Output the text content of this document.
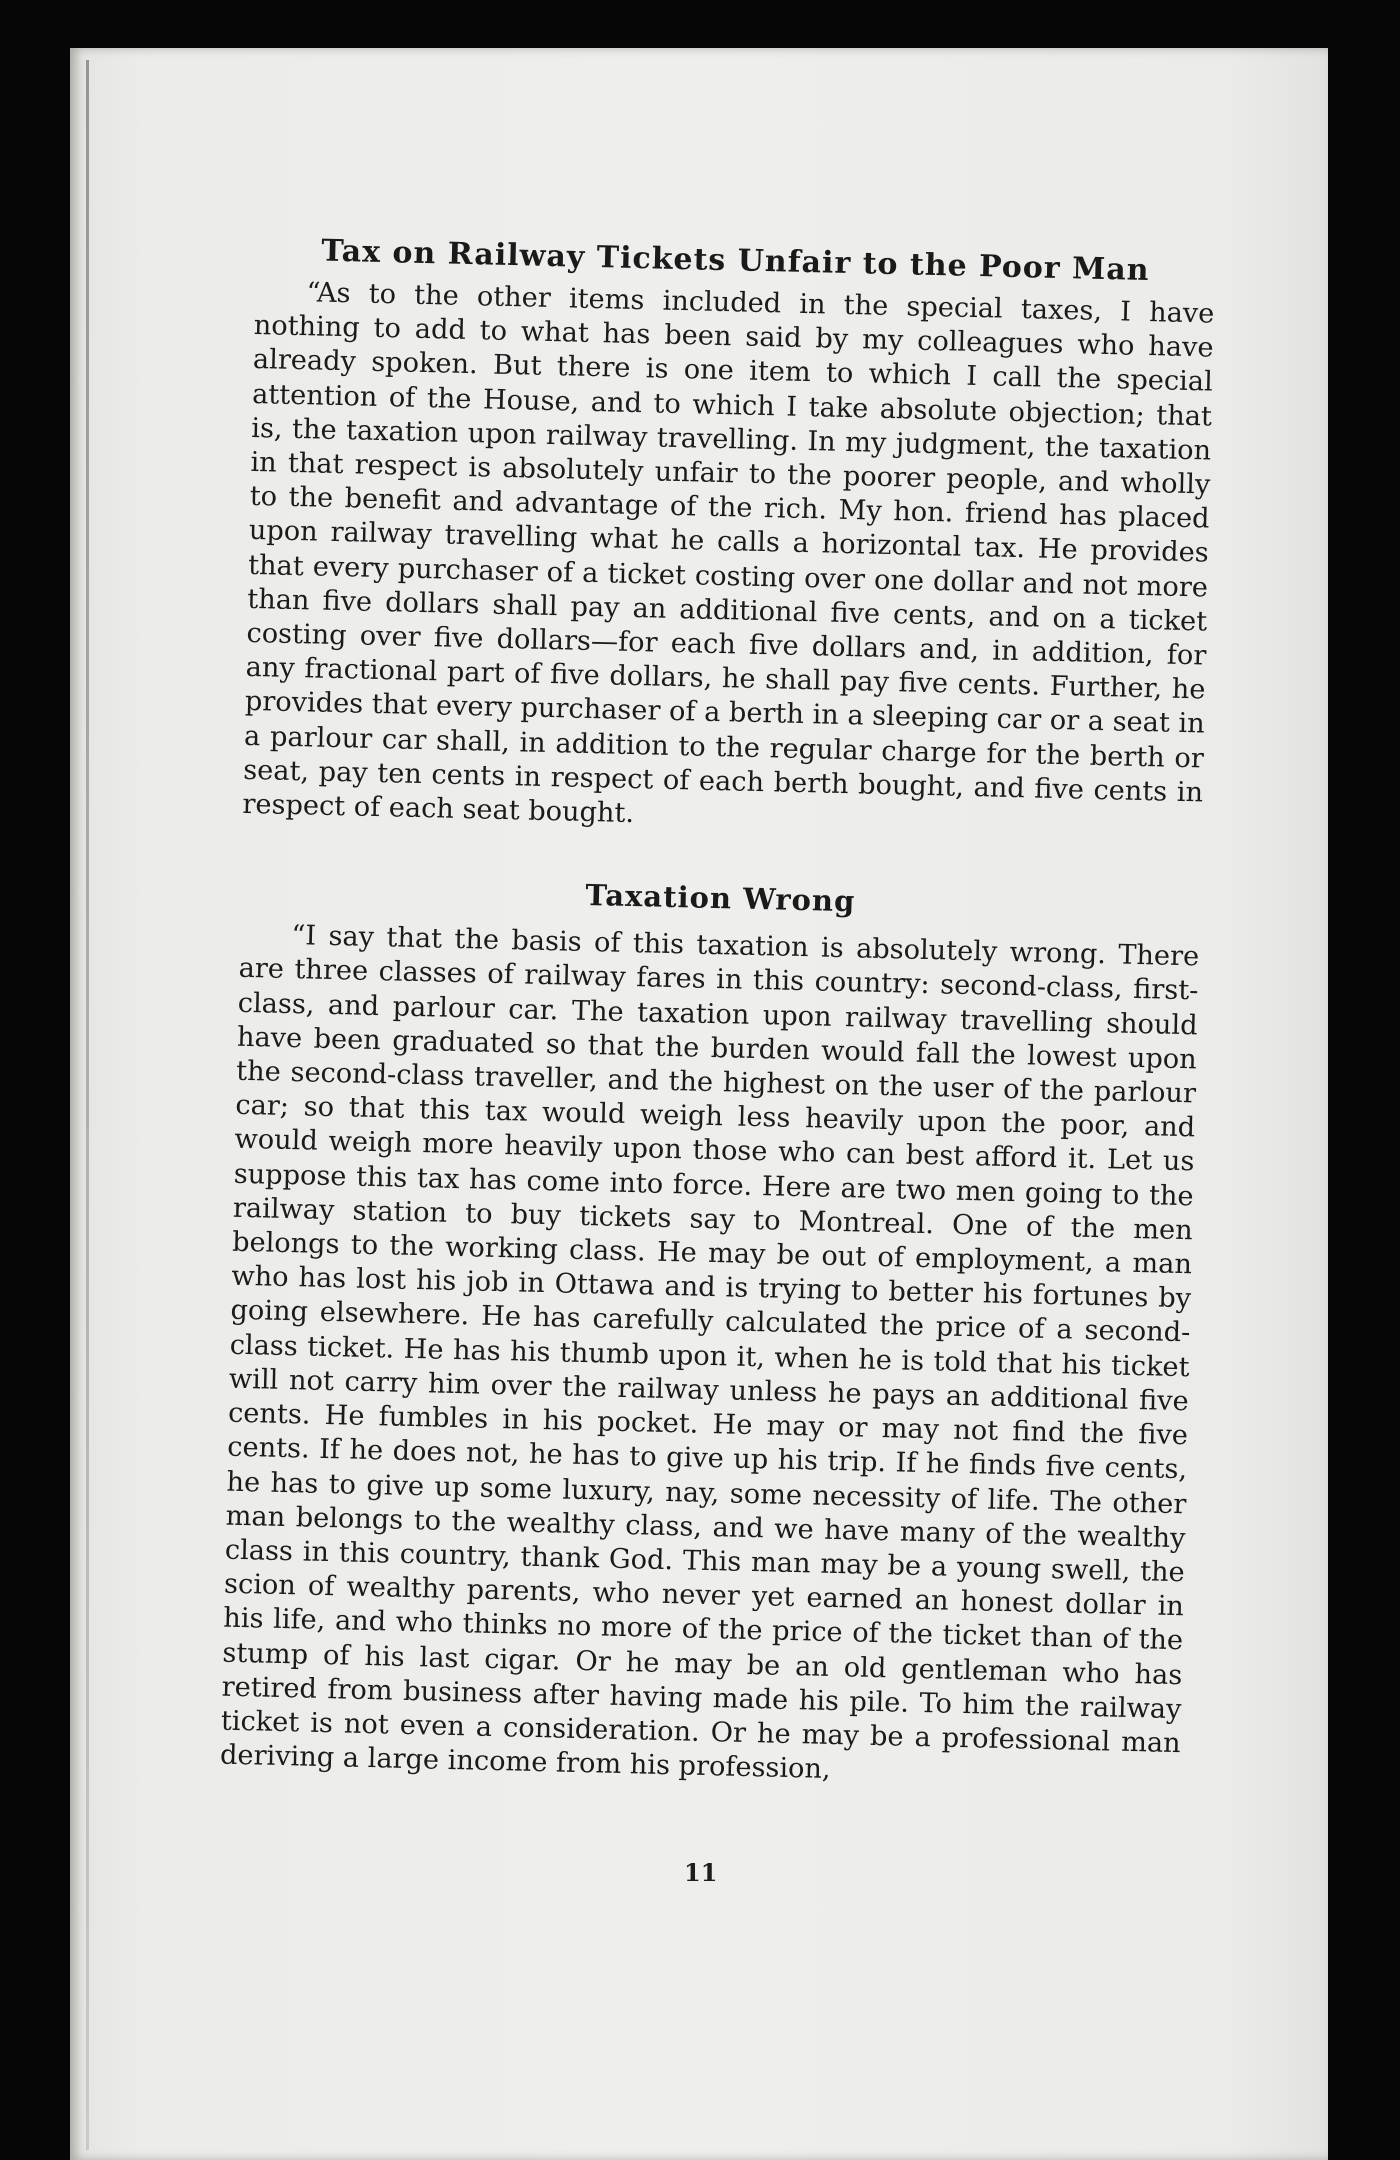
Tax on Railway Tickets Unfair to the Poor Man

“As to the other items included in the special taxes, I have nothing to add to what has been said by my colleagues who have already spoken. But there is one item to which I call the special attention of the House, and to which I take absolute objection; that is, the taxation upon railway travelling. In my judgment, the taxation in that respect is absolutely unfair to the poorer people, and wholly to the benefit and advantage of the rich. My hon. friend has placed upon railway travelling what he calls a horizontal tax. He provides that every purchaser of a ticket costing over one dollar and not more than five dollars shall pay an additional five cents, and on a ticket costing over five dollars—for each five dollars and, in addition, for any fractional part of five dollars, he shall pay five cents. Further, he provides that every purchaser of a berth in a sleeping car or a seat in a parlour car shall, in addition to the regular charge for the berth or seat, pay ten cents in respect of each berth bought, and five cents in respect of each seat bought.

Taxation Wrong

“I say that the basis of this taxation is absolutely wrong. There are three classes of railway fares in this country: second-class, first-class, and parlour car. The taxation upon railway travelling should have been graduated so that the burden would fall the lowest upon the second-class traveller, and the highest on the user of the parlour car; so that this tax would weigh less heavily upon the poor, and would weigh more heavily upon those who can best afford it. Let us suppose this tax has come into force. Here are two men going to the railway station to buy tickets say to Montreal. One of the men belongs to the working class. He may be out of employment, a man who has lost his job in Ottawa and is trying to better his fortunes by going elsewhere. He has carefully calculated the price of a second-class ticket. He has his thumb upon it, when he is told that his ticket will not carry him over the railway unless he pays an additional five cents. He fumbles in his pocket. He may or may not find the five cents. If he does not, he has to give up his trip. If he finds five cents, he has to give up some luxury, nay, some necessity of life. The other man belongs to the wealthy class, and we have many of the wealthy class in this country, thank God. This man may be a young swell, the scion of wealthy parents, who never yet earned an honest dollar in his life, and who thinks no more of the price of the ticket than of the stump of his last cigar. Or he may be an old gentleman who has retired from business after having made his pile. To him the railway ticket is not even a consideration. Or he may be a professional man deriving a large income from his profession,

11
